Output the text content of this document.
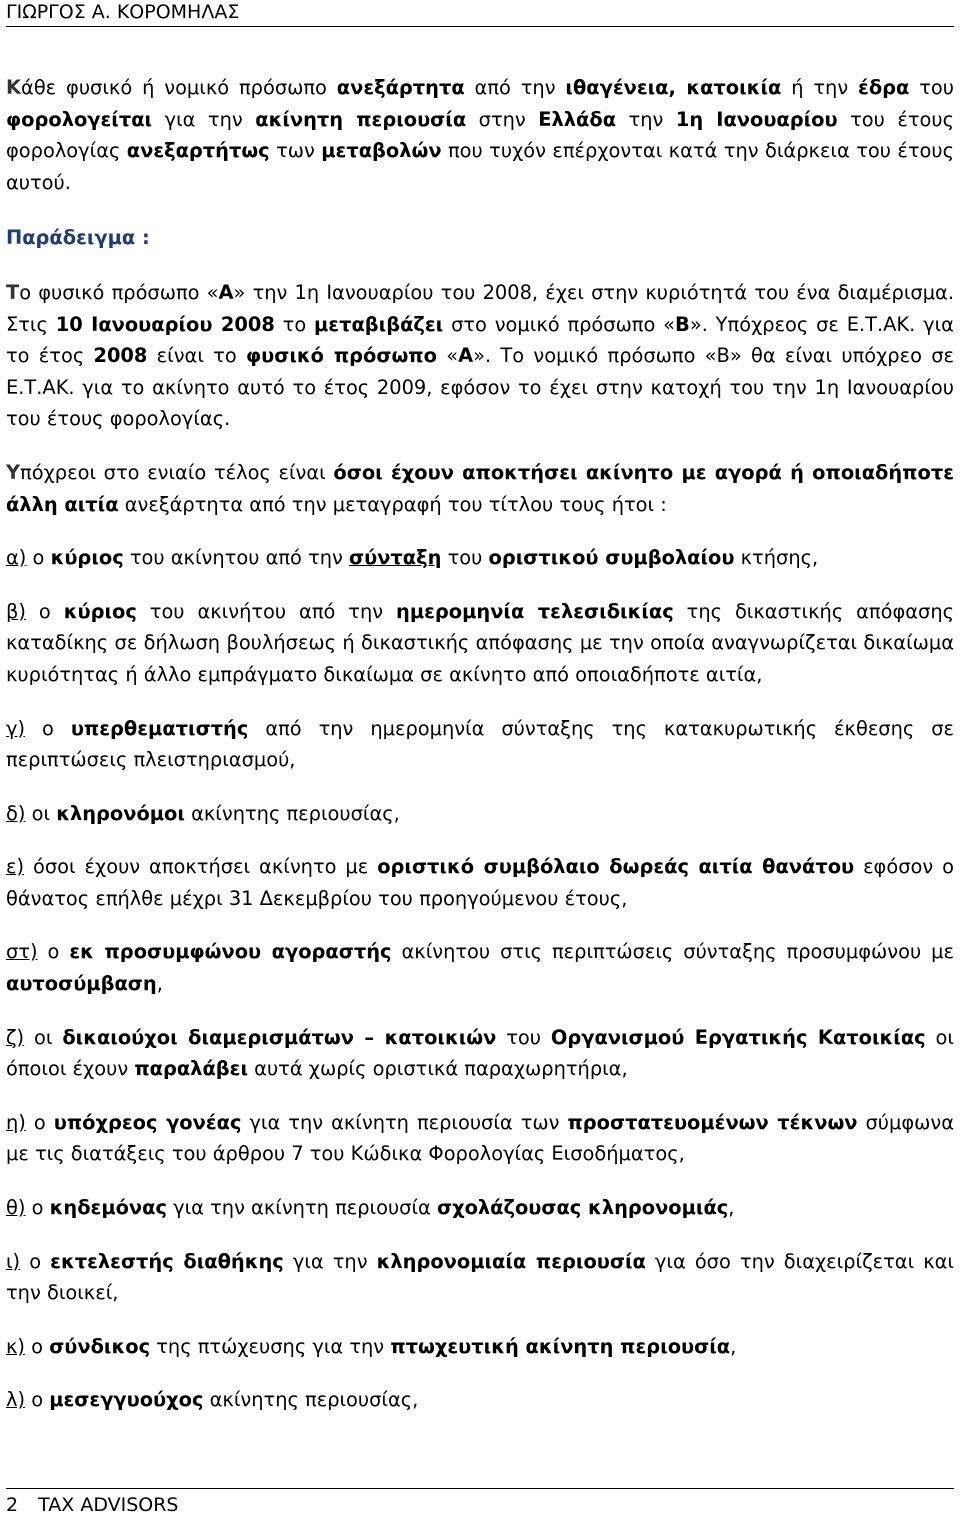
ΓΙΩΡΓΟΣ Α. ΚΟΡΟΜΗΛΑΣ

Κάθε φυσικό ή νομικό πρόσωπο ανεξάρτητα από την ιθαγένεια, κατοικία ή την έδρα του φορολογείται για την ακίνητη περιουσία στην Ελλάδα την 1η Ιανουαρίου του έτους φορολογίας ανεξαρτήτως των μεταβολών που τυχόν επέρχονται κατά την διάρκεια του έτους αυτού.

Παράδειγμα :

Το φυσικό πρόσωπο «Α» την 1η Ιανουαρίου του 2008, έχει στην κυριότητά του ένα διαμέρισμα. Στις 10 Ιανουαρίου 2008 το μεταβιβάζει στο νομικό πρόσωπο «Β». Υπόχρεος σε Ε.Τ.ΑΚ. για το έτος 2008 είναι το φυσικό πρόσωπο «Α». Το νομικό πρόσωπο «Β» θα είναι υπόχρεο σε Ε.Τ.ΑΚ. για το ακίνητο αυτό το έτος 2009, εφόσον το έχει στην κατοχή του την 1η Ιανουαρίου του έτους φορολογίας.

Υπόχρεοι στο ενιαίο τέλος είναι όσοι έχουν αποκτήσει ακίνητο με αγορά ή οποιαδήποτε άλλη αιτία ανεξάρτητα από την μεταγραφή του τίτλου τους ήτοι :

α) ο κύριος του ακίνητου από την σύνταξη του οριστικού συμβολαίου κτήσης,

β) ο κύριος του ακινήτου από την ημερομηνία τελεσιδικίας της δικαστικής απόφασης καταδίκης σε δήλωση βουλήσεως ή δικαστικής απόφασης με την οποία αναγνωρίζεται δικαίωμα κυριότητας ή άλλο εμπράγματο δικαίωμα σε ακίνητο από οποιαδήποτε αιτία,

γ) ο υπερθεματιστής από την ημερομηνία σύνταξης της κατακυρωτικής έκθεσης σε περιπτώσεις πλειστηριασμού,

δ) οι κληρονόμοι ακίνητης περιουσίας,

ε) όσοι έχουν αποκτήσει ακίνητο με οριστικό συμβόλαιο δωρεάς αιτία θανάτου εφόσον ο θάνατος επήλθε μέχρι 31 Δεκεμβρίου του προηγούμενου έτους,

στ) ο εκ προσυμφώνου αγοραστής ακίνητου στις περιπτώσεις σύνταξης προσυμφώνου με αυτοσύμβαση,

ζ) οι δικαιούχοι διαμερισμάτων – κατοικιών του Οργανισμού Εργατικής Κατοικίας οι όποιοι έχουν παραλάβει αυτά χωρίς οριστικά παραχωρητήρια,

η) ο υπόχρεος γονέας για την ακίνητη περιουσία των προστατευομένων τέκνων σύμφωνα με τις διατάξεις του άρθρου 7 του Κώδικα Φορολογίας Εισοδήματος,

θ) ο κηδεμόνας για την ακίνητη περιουσία σχολάζουσας κληρονομιάς,

ι) ο εκτελεστής διαθήκης για την κληρονομιαία περιουσία για όσο την διαχειρίζεται και την διοικεί,

κ) ο σύνδικος της πτώχευσης για την πτωχευτική ακίνητη περιουσία,

λ) ο μεσεγγυούχος ακίνητης περιουσίας,

2 TAX ADVISORS
